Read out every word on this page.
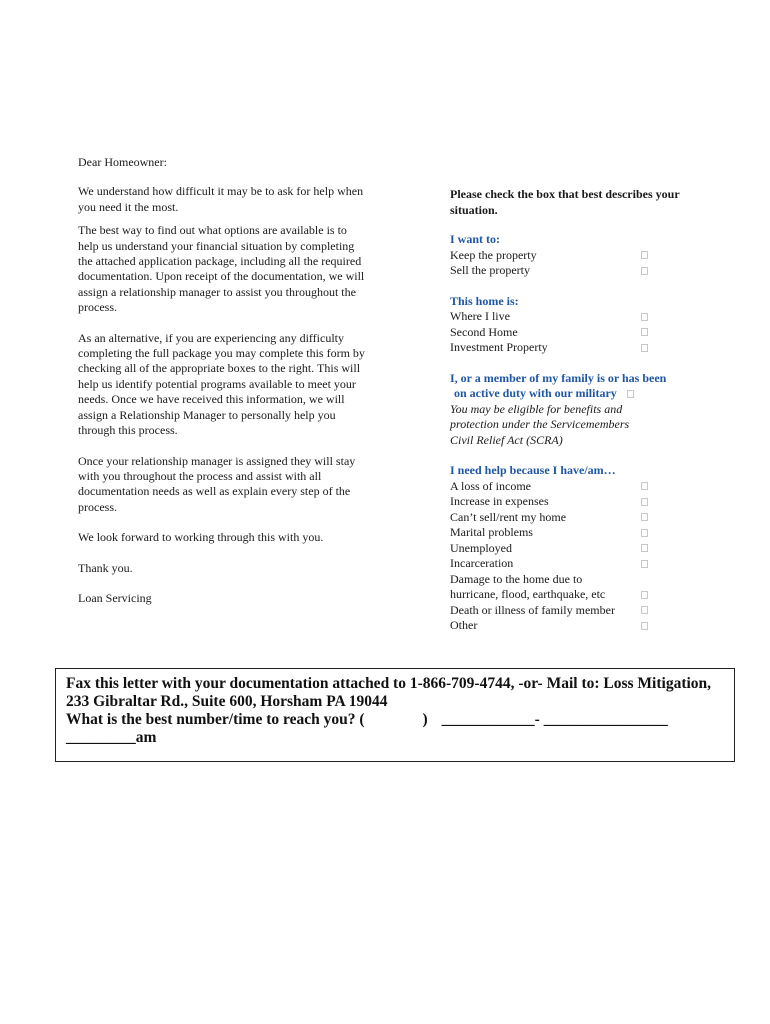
Dear Homeowner:

We understand how difficult it may be to ask for help when you need it the most.

The best way to find out what options are available is to help us understand your financial situation by completing the attached application package, including all the required documentation. Upon receipt of the documentation, we will assign a relationship manager to assist you throughout the process.

As an alternative, if you are experiencing any difficulty completing the full package you may complete this form by checking all of the appropriate boxes to the right. This will help us identify potential programs available to meet your needs. Once we have received this information, we will assign a Relationship Manager to personally help you through this process.

Once your relationship manager is assigned they will stay with you throughout the process and assist with all documentation needs as well as explain every step of the process.

We look forward to working through this with you.

Thank you.

Loan Servicing

Please check the box that best describes your situation.

I want to:

Keep the property
Sell the property

This home is:

Where I live
Second Home
Investment Property

I, or a member of my family is or has been

on active duty with our military
You may be eligible for benefits and
protection under the Servicemembers
Civil Relief Act (SCRA)

I need help because I have/am…

A loss of income
Increase in expenses
Can’t sell/rent my home
Marital problems
Unemployed
Incarceration
Damage to the home due to
hurricane, flood, earthquake, etc
Death or illness of family member
Other
Fax this letter with your documentation attached to 1-866-709-4744, -or- Mail to: Loss Mitigation, 233 Gibraltar Rd., Suite 600, Horsham PA 19044
What is the best number/time to reach you? (	) ____________- ________________
_________am
